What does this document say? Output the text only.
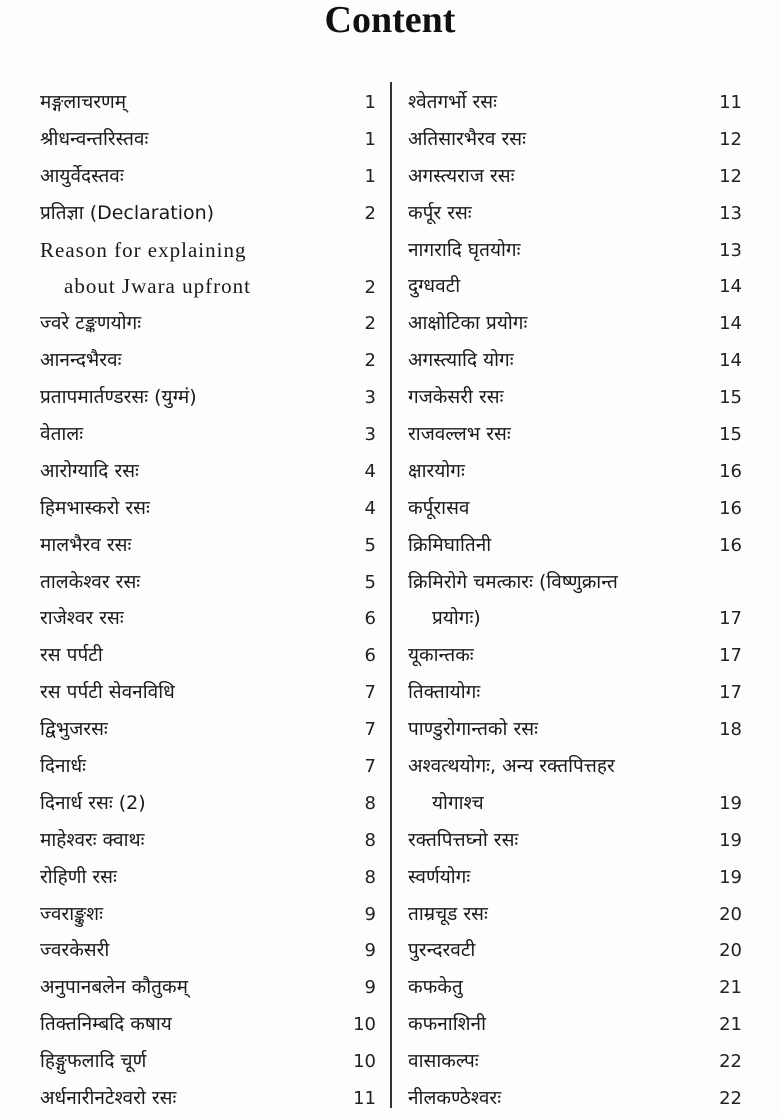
Content
मङ्गलाचरणम्	1
श्रीधन्वन्तरिस्तवः	1
आयुर्वेदस्तवः	1
प्रतिज्ञा (Declaration)	2
Reason for explaining
about Jwara upfront	2
ज्वरे टङ्कणयोगः	2
आनन्दभैरवः	2
प्रतापमार्तण्डरसः (युग्मं)	3
वेतालः	3
आरोग्यादि रसः	4
हिमभास्करो रसः	4
मालभैरव रसः	5
तालकेश्वर रसः	5
राजेश्वर रसः	6
रस पर्पटी	6
रस पर्पटी सेवनविधि	7
द्विभुजरसः	7
दिनार्धः	7
दिनार्ध रसः (2)	8
माहेश्वरः क्वाथः	8
रोहिणी रसः	8
ज्वराङ्कुशः	9
ज्वरकेसरी	9
अनुपानबलेन कौतुकम्	9
तिक्तनिम्बदि कषाय	10
हिङ्गुफलादि चूर्ण	10
अर्धनारीनटेश्वरो रसः	11
श्वेतगर्भो रसः	11
अतिसारभैरव रसः	12
अगस्त्यराज रसः	12
कर्पूर रसः	13
नागरादि घृतयोगः	13
दुग्धवटी	14
आक्षोटिका प्रयोगः	14
अगस्त्यादि योगः	14
गजकेसरी रसः	15
राजवल्लभ रसः	15
क्षारयोगः	16
कर्पूरासव	16
क्रिमिघातिनी	16
क्रिमिरोगे चमत्कारः (विष्णुक्रान्त
प्रयोगः)	17
यूकान्तकः	17
तिक्तायोगः	17
पाण्डुरोगान्तको रसः	18
अश्वत्थयोगः, अन्य रक्तपित्तहर
योगाश्च	19
रक्तपित्तघ्नो रसः	19
स्वर्णयोगः	19
ताम्रचूड रसः	20
पुरन्दरवटी	20
कफकेतु	21
कफनाशिनी	21
वासाकल्पः	22
नीलकण्ठेश्वरः	22
